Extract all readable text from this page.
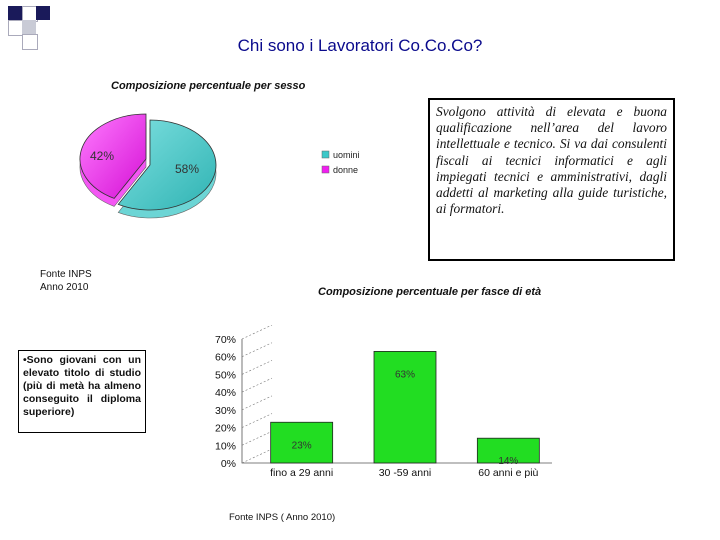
Chi sono i Lavoratori Co.Co.Co?
Composizione percentuale per sesso
58%
42%	uomini
donne
Svolgono attività di elevata e buona qualificazione nell’area del lavoro intellettuale e tecnico. Si va dai consulenti fiscali ai tecnici informatici e agli impiegati tecnici e amministrativi, dagli addetti al marketing alla guide turistiche, ai formatori.
Fonte INPS
Anno 2010	Composizione percentuale per fasce di età
•Sono giovani con un elevato titolo di studio (più di metà ha almeno conseguito il diploma superiore)
0%
10%
20%
30%
40%
50%
60%
70%
23%
fino a 29 anni
63%
30 -59 anni
14%
60 anni e più
Fonte INPS ( Anno 2010)
